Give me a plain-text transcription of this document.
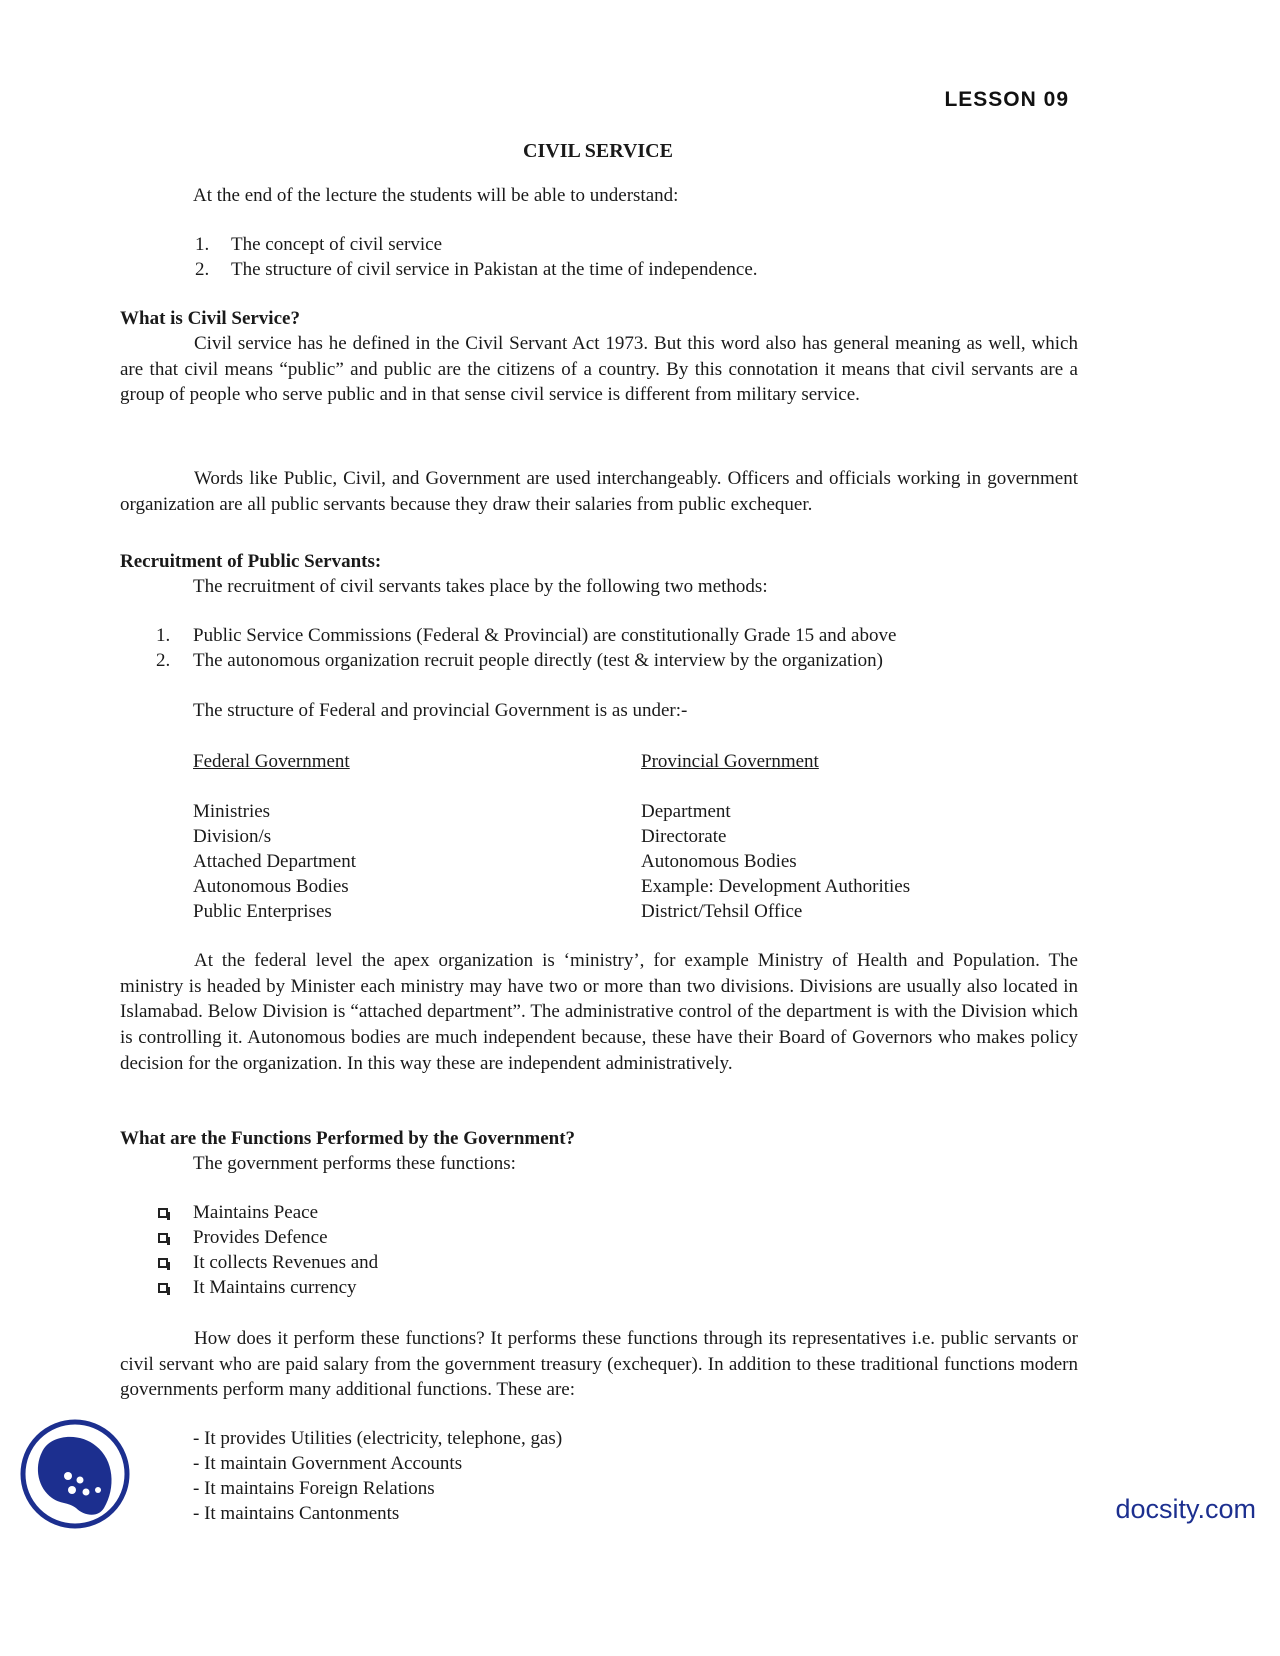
LESSON 09
CIVIL SERVICE
At the end of the lecture the students will be able to understand:
1. The concept of civil service
2. The structure of civil service in Pakistan at the time of independence.
What is Civil Service?
Civil service has he defined in the Civil Servant Act 1973. But this word also has general meaning as well, which are that civil means “public” and public are the citizens of a country. By this connotation it means that civil servants are a group of people who serve public and in that sense civil service is different from military service.
Words like Public, Civil, and Government are used interchangeably. Officers and officials working in government organization are all public servants because they draw their salaries from public exchequer.
Recruitment of Public Servants:
The recruitment of civil servants takes place by the following two methods:
1. Public Service Commissions (Federal & Provincial) are constitutionally Grade 15 and above
2. The autonomous organization recruit people directly (test & interview by the organization)
The structure of Federal and provincial Government is as under:-
Federal Government	Provincial Government
Ministries
Division/s
Attached Department
Autonomous Bodies
Public Enterprises
Department
Directorate
Autonomous Bodies
Example: Development Authorities
District/Tehsil Office
At the federal level the apex organization is ‘ministry’, for example Ministry of Health and Population. The ministry is headed by Minister each ministry may have two or more than two divisions. Divisions are usually also located in Islamabad. Below Division is “attached department”. The administrative control of the department is with the Division which is controlling it. Autonomous bodies are much independent because, these have their Board of Governors who makes policy decision for the organization. In this way these are independent administratively.
What are the Functions Performed by the Government?
The government performs these functions:
Maintains Peace
Provides Defence
It collects Revenues and
It Maintains currency
How does it perform these functions? It performs these functions through its representatives i.e. public servants or civil servant who are paid salary from the government treasury (exchequer). In addition to these traditional functions modern governments perform many additional functions. These are:
- It provides Utilities (electricity, telephone, gas)
- It maintain Government Accounts
- It maintains Foreign Relations
- It maintains Cantonments	docsity.com
